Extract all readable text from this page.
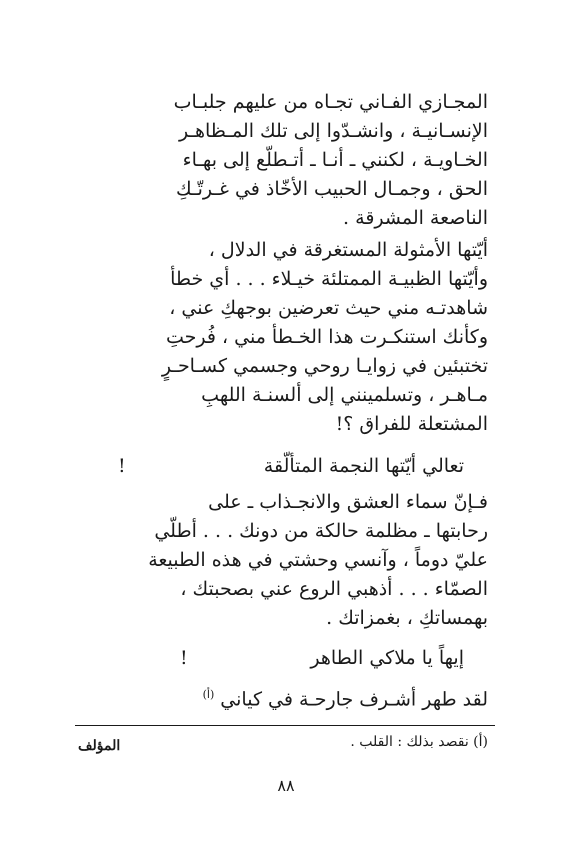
المجـازي الفـاني تجـاه من عليهم جلبـاب
الإنسـانيـة ، وانشـدّوا إلى تلك المـظاهـر
الخـاويـة ، لكنني ـ أنـا ـ أتـطلّع إلى بهـاء
الحق ، وجمـال الحبيب الأخّاذ في غـرتّـكِ
الناصعة المشرقة .
أيّتها الأمثولة المستغرقة في الدلال ،
وأيّتها الظبيـة الممتلئة خيـلاء . . . أي خطأ
شاهدتـه مني حيث تعرضين بوجهكِ عني ،
وكأنك استنكـرت هذا الخـطأ مني ، فُرحتِ
تختبئين في زوايـا روحي وجسمي كسـاحـرٍ
مـاهـر ، وتسلمينني إلى ألسنـة اللهبِ
المشتعلة للفراق ؟!
تعالي أيّتها النجمة المتألّقة
!
فـإنّ سماء العشق والانجـذاب ـ على
رحابتها ـ مظلمة حالكة من دونك . . . أطلّي
عليّ دوماً ، وآنسي وحشتي في هذه الطبيعة
الصمّاء . . . أذهبي الروع عني بصحبتك ،
بهمساتكِ ، بغمزاتك .
إيهاً يا ملاكي الطاهر
!
لقد طهر أشـرف جارحـة في كياني $^{(أ)}$
(أ) نقصد بذلك : القلب .
المؤلف
٨٨
